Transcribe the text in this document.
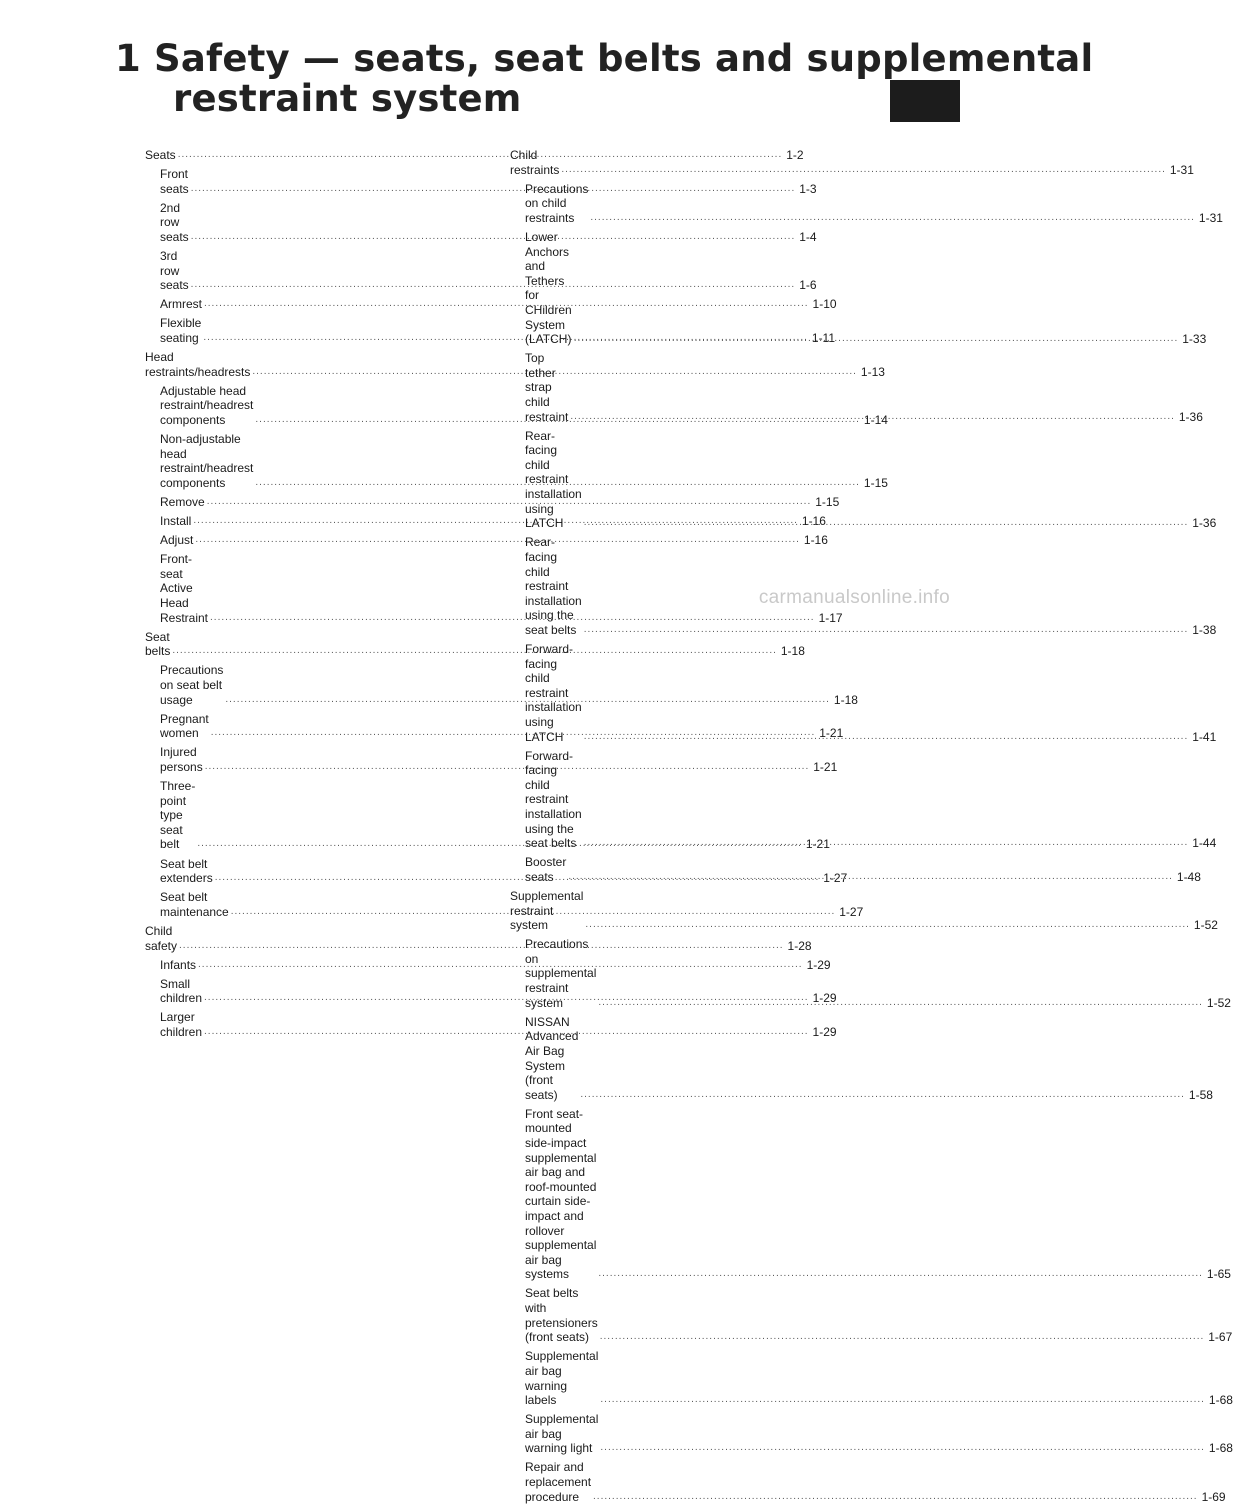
1 Safety — seats, seat belts and supplemental
restraint system
Seats .....	1-2
Front seats .....	1-3
2nd row seats .....	1-4
3rd row seats .....	1-6
Armrest .....	1-10
Flexible seating .....	1-11
Head restraints/headrests .....	1-13
Adjustable head restraint/headrest components .....	1-14
Non-adjustable head restraint/headrest components .....	1-15
Remove .....	1-15
Install .....	1-16
Adjust .....	1-16
Front-seat Active Head Restraint .....	1-17
Seat belts .....	1-18
Precautions on seat belt usage .....	1-18
Pregnant women .....	1-21
Injured persons .....	1-21
Three-point type seat belt .....	1-21
Seat belt extenders .....	1-27
Seat belt maintenance .....	1-27
Child safety .....	1-28
Infants .....	1-29
Small children .....	1-29
Larger children .....	1-29
Child restraints .....	1-31
Precautions on child restraints .....	1-31
Lower Anchors and Tethers for CHildren System (LATCH) .....	1-33
Top tether strap child restraint .....	1-36
Rear-facing child restraint installation using LATCH .....	1-36
Rear-facing child restraint installation using the seat belts .....	1-38
Forward-facing child restraint installation using LATCH .....	1-41
Forward-facing child restraint installation using the seat belts .....	1-44
Booster seats .....	1-48
Supplemental restraint system .....	1-52
Precautions on supplemental restraint system .....	1-52
NISSAN Advanced Air Bag System (front seats) .....	1-58
Front seat-mounted side-impact supplemental air bag and roof-mounted curtain side-impact and rollover supplemental air bag systems .....	1-65
Seat belts with pretensioners (front seats) .....	1-67
Supplemental air bag warning labels .....	1-68
Supplemental air bag warning light .....	1-68
Repair and replacement procedure .....	1-69
carmanualsonline.info
